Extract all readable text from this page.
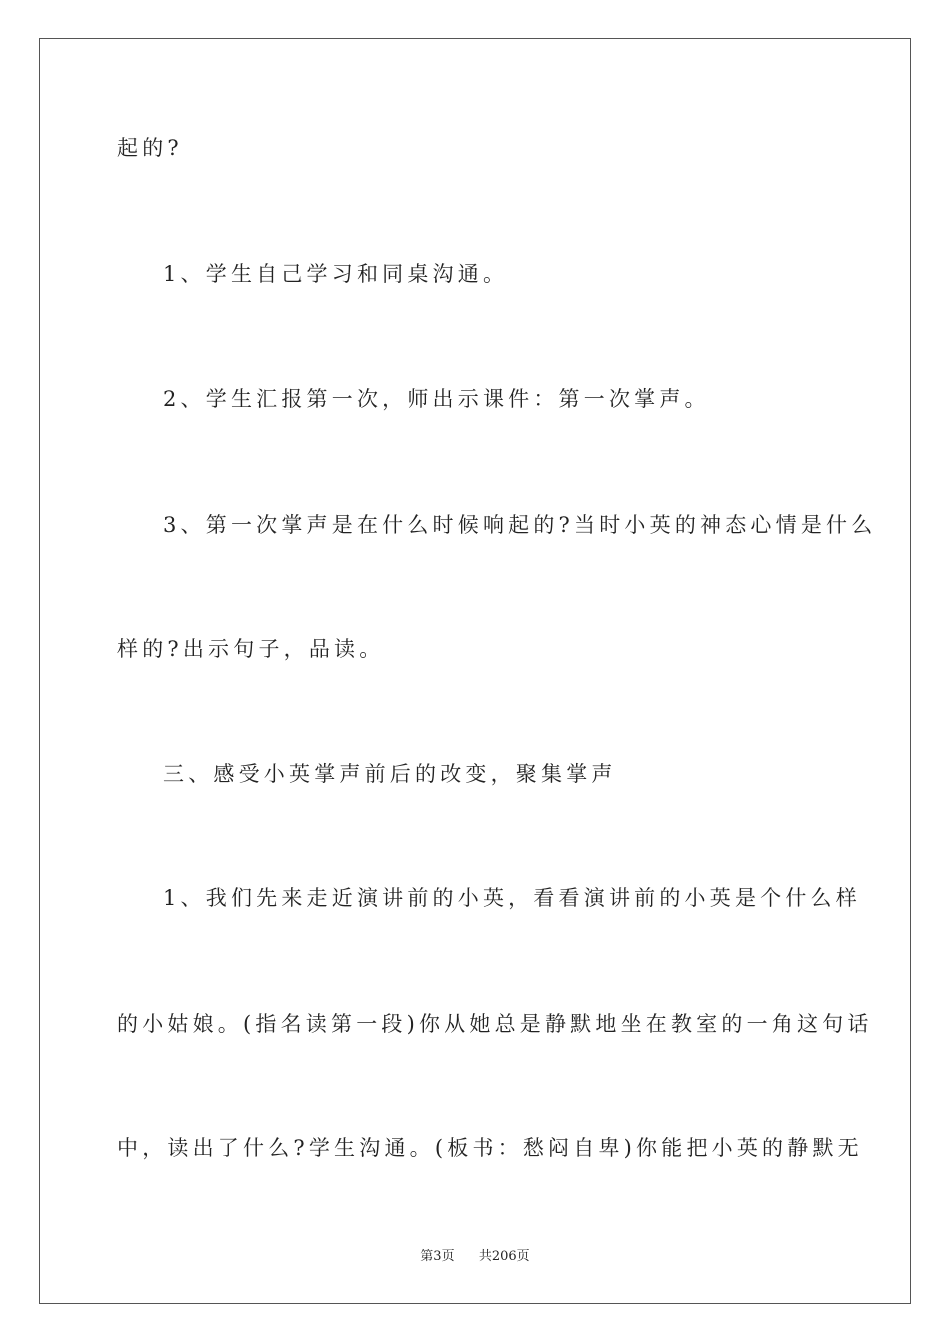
起的?
1、学生自己学习和同桌沟通。
2、学生汇报第一次，师出示课件：第一次掌声。
3、第一次掌声是在什么时候响起的?当时小英的神态心情是什么
样的?出示句子，品读。
三、感受小英掌声前后的改变，聚集掌声
1、我们先来走近演讲前的小英，看看演讲前的小英是个什么样
的小姑娘。(指名读第一段)你从她总是静默地坐在教室的一角这句话
中，读出了什么?学生沟通。(板书：愁闷自卑)你能把小英的静默无
第3页 共206页
